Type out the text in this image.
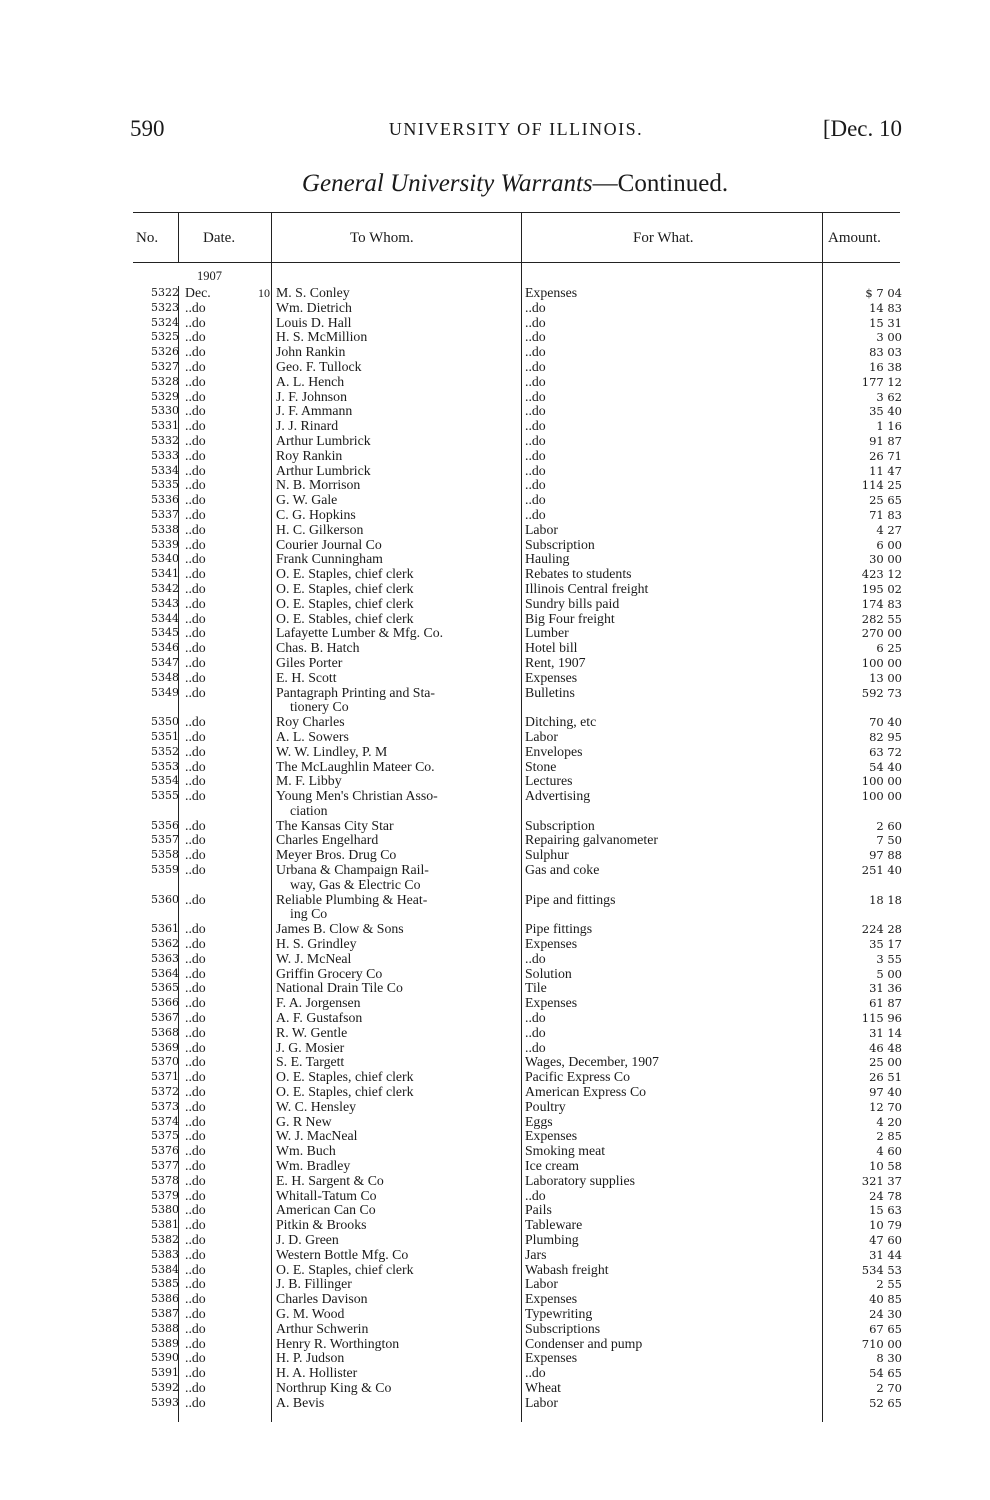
590	UNIVERSITY OF ILLINOIS.	[Dec. 10
General University Warrants—Continued.
No.	Date.	To Whom.	For What.	Amount.
1907
5322 Dec.	10 M. S. Conley	Expenses	$ 7 04
5323 ..do	Wm. Dietrich	..do	14 83
5324 ..do	Louis D. Hall	..do	15 31
5325 ..do	H. S. McMillion	..do	3 00
5326 ..do	John Rankin	..do	83 03
5327 ..do	Geo. F. Tullock	..do	16 38
5328 ..do	A. L. Hench	..do	177 12
5329 ..do	J. F. Johnson	..do	3 62
5330 ..do	J. F. Ammann	..do	35 40
5331 ..do	J. J. Rinard	..do	1 16
5332 ..do	Arthur Lumbrick	..do	91 87
5333 ..do	Roy Rankin	..do	26 71
5334 ..do	Arthur Lumbrick	..do	11 47
5335 ..do	N. B. Morrison	..do	114 25
5336 ..do	G. W. Gale	..do	25 65
5337 ..do	C. G. Hopkins	..do	71 83
5338 ..do	H. C. Gilkerson	Labor	4 27
5339 ..do	Courier Journal Co	Subscription	6 00
5340 ..do	Frank Cunningham	Hauling	30 00
5341 ..do	O. E. Staples, chief clerk	Rebates to students	423 12
5342 ..do	O. E. Staples, chief clerk	Illinois Central freight	195 02
5343 ..do	O. E. Staples, chief clerk	Sundry bills paid	174 83
5344 ..do	O. E. Stables, chief clerk	Big Four freight	282 55
5345 ..do	Lafayette Lumber & Mfg. Co.	Lumber	270 00
5346 ..do	Chas. B. Hatch	Hotel bill	6 25
5347 ..do	Giles Porter	Rent, 1907	100 00
5348 ..do	E. H. Scott	Expenses	13 00
5349 ..do	Pantagraph Printing and Sta-
tionery Co
Bulletins	592 73
5350 ..do	Roy Charles	Ditching, etc	70 40
5351 ..do	A. L. Sowers	Labor	82 95
5352 ..do	W. W. Lindley, P. M	Envelopes	63 72
5353 ..do	The McLaughlin Mateer Co.	Stone	54 40
5354 ..do	M. F. Libby	Lectures	100 00
5355 ..do	Young Men's Christian Asso-
ciation
Advertising	100 00
5356 ..do	The Kansas City Star	Subscription	2 60
5357 ..do	Charles Engelhard	Repairing galvanometer	7 50
5358 ..do	Meyer Bros. Drug Co	Sulphur	97 88
5359 ..do	Urbana & Champaign Rail-
way, Gas & Electric Co
Gas and coke	251 40
5360 ..do	Reliable Plumbing & Heat-
ing Co
Pipe and fittings	18 18
5361 ..do	James B. Clow & Sons	Pipe fittings	224 28
5362 ..do	H. S. Grindley	Expenses	35 17
5363 ..do	W. J. McNeal	..do	3 55
5364 ..do	Griffin Grocery Co	Solution	5 00
5365 ..do	National Drain Tile Co	Tile	31 36
5366 ..do	F. A. Jorgensen	Expenses	61 87
5367 ..do	A. F. Gustafson	..do	115 96
5368 ..do	R. W. Gentle	..do	31 14
5369 ..do	J. G. Mosier	..do	46 48
5370 ..do	S. E. Targett	Wages, December, 1907	25 00
5371 ..do	O. E. Staples, chief clerk	Pacific Express Co	26 51
5372 ..do	O. E. Staples, chief clerk	American Express Co	97 40
5373 ..do	W. C. Hensley	Poultry	12 70
5374 ..do	G. R New	Eggs	4 20
5375 ..do	W. J. MacNeal	Expenses	2 85
5376 ..do	Wm. Buch	Smoking meat	4 60
5377 ..do	Wm. Bradley	Ice cream	10 58
5378 ..do	E. H. Sargent & Co	Laboratory supplies	321 37
5379 ..do	Whitall-Tatum Co	..do	24 78
5380 ..do	American Can Co	Pails	15 63
5381 ..do	Pitkin & Brooks	Tableware	10 79
5382 ..do	J. D. Green	Plumbing	47 60
5383 ..do	Western Bottle Mfg. Co	Jars	31 44
5384 ..do	O. E. Staples, chief clerk	Wabash freight	534 53
5385 ..do	J. B. Fillinger	Labor	2 55
5386 ..do	Charles Davison	Expenses	40 85
5387 ..do	G. M. Wood	Typewriting	24 30
5388 ..do	Arthur Schwerin	Subscriptions	67 65
5389 ..do	Henry R. Worthington	Condenser and pump	710 00
5390 ..do	H. P. Judson	Expenses	8 30
5391 ..do	H. A. Hollister	..do	54 65
5392 ..do	Northrup King & Co	Wheat	2 70
5393 ..do	A. Bevis	Labor	52 65
